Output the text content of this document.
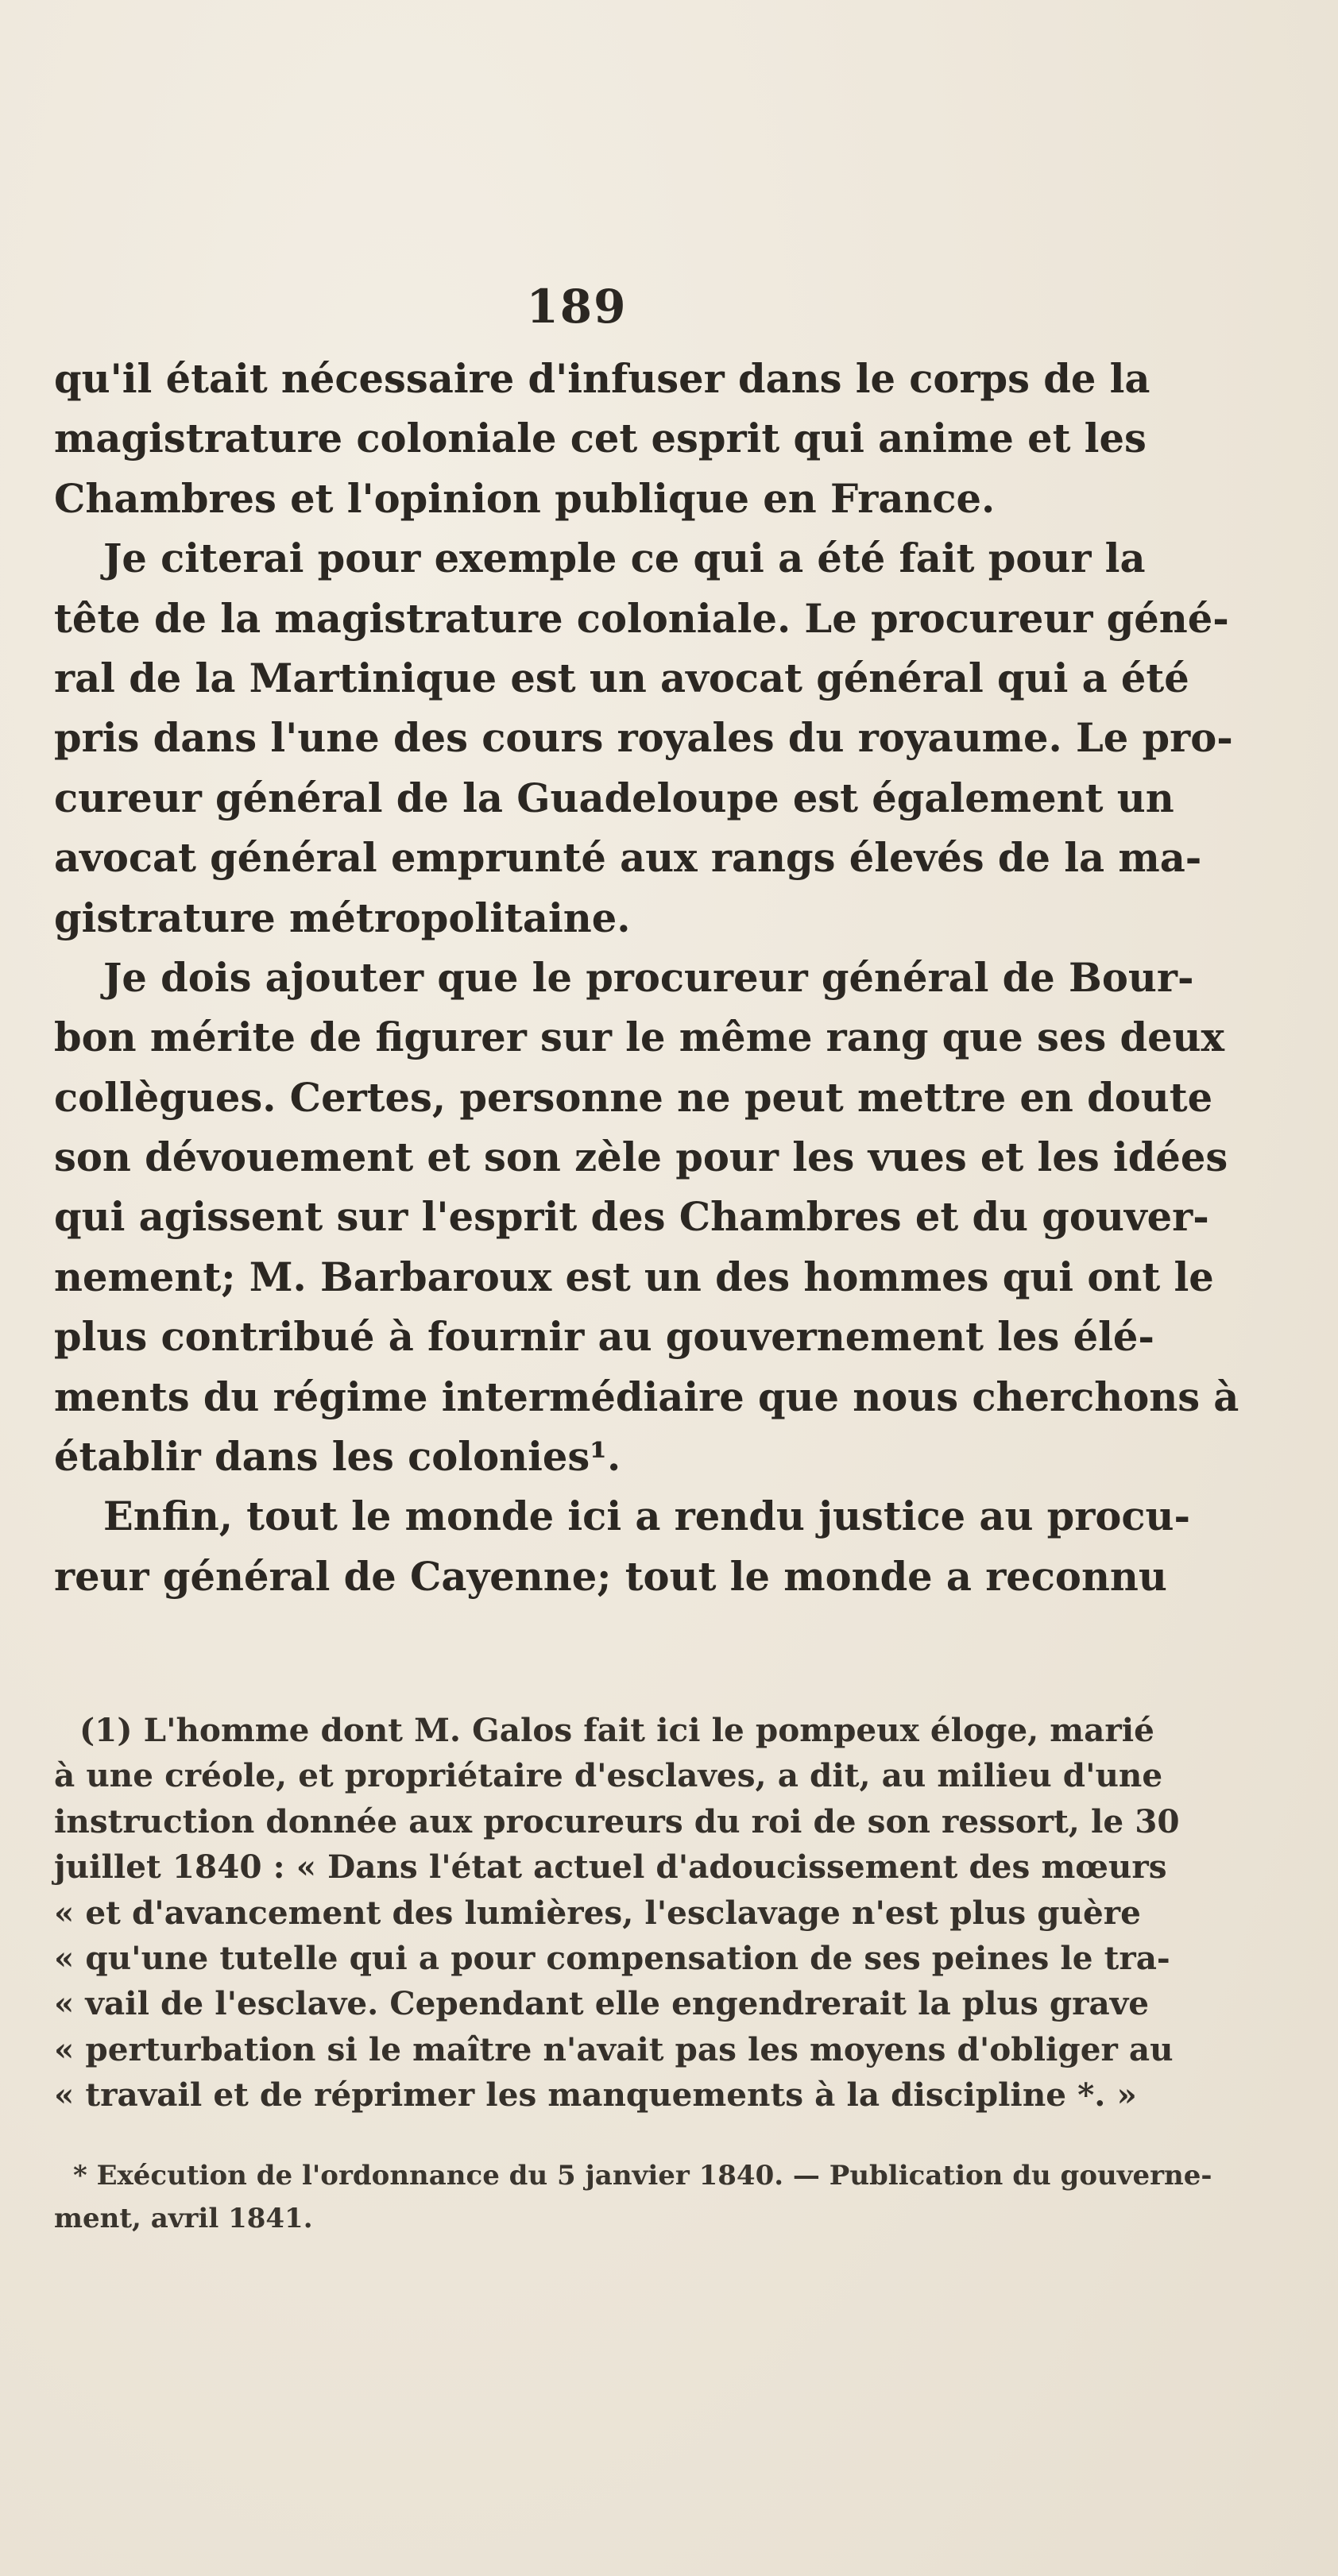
189
qu'il était nécessaire d'infuser dans le corps de la
magistrature coloniale cet esprit qui anime et les
Chambres et l'opinion publique en France.
Je citerai pour exemple ce qui a été fait pour la
tête de la magistrature coloniale. Le procureur géné-
ral de la Martinique est un avocat général qui a été
pris dans l'une des cours royales du royaume. Le pro-
cureur général de la Guadeloupe est également un
avocat général emprunté aux rangs élevés de la ma-
gistrature métropolitaine.
Je dois ajouter que le procureur général de Bour-
bon mérite de figurer sur le même rang que ses deux
collègues. Certes, personne ne peut mettre en doute
son dévouement et son zèle pour les vues et les idées
qui agissent sur l'esprit des Chambres et du gouver-
nement; M. Barbaroux est un des hommes qui ont le
plus contribué à fournir au gouvernement les élé-
ments du régime intermédiaire que nous cherchons à
établir dans les colonies¹.
Enfin, tout le monde ici a rendu justice au procu-
reur général de Cayenne; tout le monde a reconnu
(1) L'homme dont M. Galos fait ici le pompeux éloge, marié
à une créole, et propriétaire d'esclaves, a dit, au milieu d'une
instruction donnée aux procureurs du roi de son ressort, le 30
juillet 1840 : « Dans l'état actuel d'adoucissement des mœurs
« et d'avancement des lumières, l'esclavage n'est plus guère
« qu'une tutelle qui a pour compensation de ses peines le tra-
« vail de l'esclave. Cependant elle engendrerait la plus grave
« perturbation si le maître n'avait pas les moyens d'obliger au
« travail et de réprimer les manquements à la discipline *. »
* Exécution de l'ordonnance du 5 janvier 1840. — Publication du gouverne-
ment, avril 1841.
